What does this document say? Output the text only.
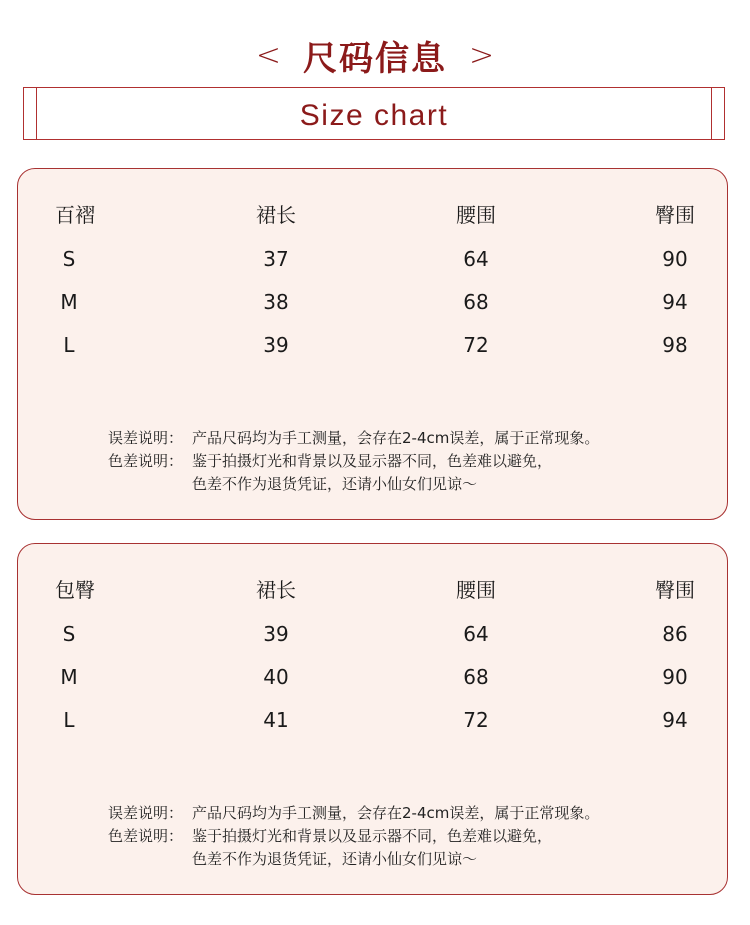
< 尺码信息 >
Size chart
百褶	裙长	腰围	臀围
S	37	64	90
M	38	68	94
L	39	72	98
误差说明： 产品尺码均为手工测量，会存在2-4cm误差，属于正常现象。
色差说明： 鉴于拍摄灯光和背景以及显示器不同，色差难以避免，
色差不作为退货凭证，还请小仙女们见谅～
包臀	裙长	腰围	臀围
S	39	64	86
M	40	68	90
L	41	72	94
误差说明： 产品尺码均为手工测量，会存在2-4cm误差，属于正常现象。
色差说明： 鉴于拍摄灯光和背景以及显示器不同，色差难以避免，
色差不作为退货凭证，还请小仙女们见谅～
